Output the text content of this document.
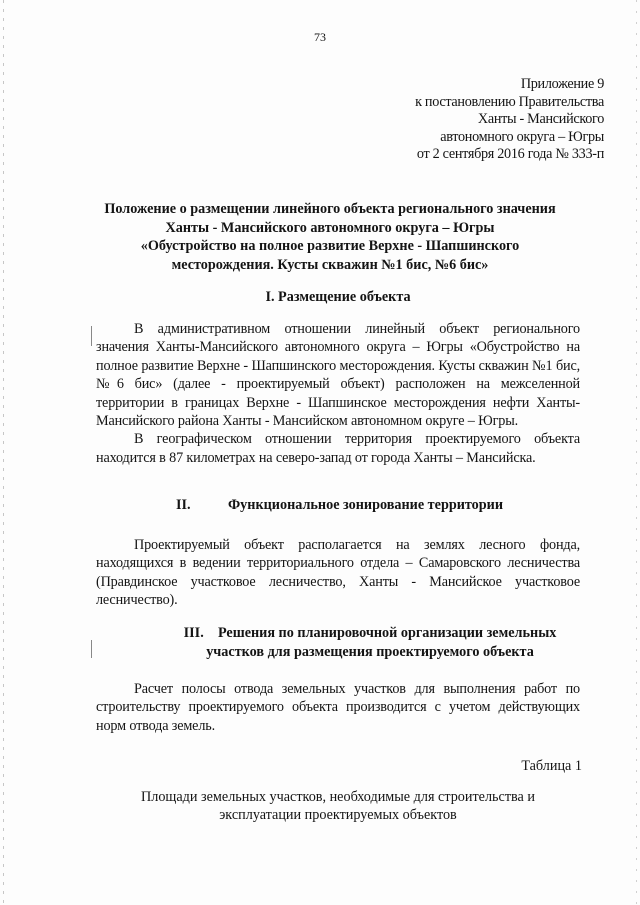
73
Приложение 9
к постановлению Правительства
Ханты - Мансийского
автономного округа – Югры
от 2 сентября 2016 года № 333-п
Положение о размещении линейного объекта регионального значения
Ханты - Мансийского автономного округа – Югры
«Обустройство на полное развитие Верхне - Шапшинского
месторождения. Кусты скважин №1 бис, №6 бис»
I. Размещение объекта

В административном отношении линейный объект регионального значения Ханты-Мансийского автономного округа – Югры «Обустройство на полное развитие Верхне - Шапшинского месторождения. Кусты скважин №1 бис, №6 бис» (далее - проектируемый объект) расположен на межселенной территории в границах Верхне - Шапшинское месторождения нефти Ханты-Мансийского района Ханты - Мансийском автономном округе – Югры.

В географическом отношении территория проектируемого объекта находится в 87 километрах на северо-запад от города Ханты – Мансийска.

II.	Функциональное зонирование территории

Проектируемый объект располагается на землях лесного фонда, находящихся в ведении территориального отдела – Самаровского лесничества (Правдинское участковое лесничество, Ханты - Мансийское участковое лесничество).

III. Решения по планировочной организации земельных
участков для размещения проектируемого объекта

Расчет полосы отвода земельных участков для выполнения работ по строительству проектируемого объекта производится с учетом действующих норм отвода земель.

Таблица 1
Площади земельных участков, необходимые для строительства и
эксплуатации проектируемых объектов
